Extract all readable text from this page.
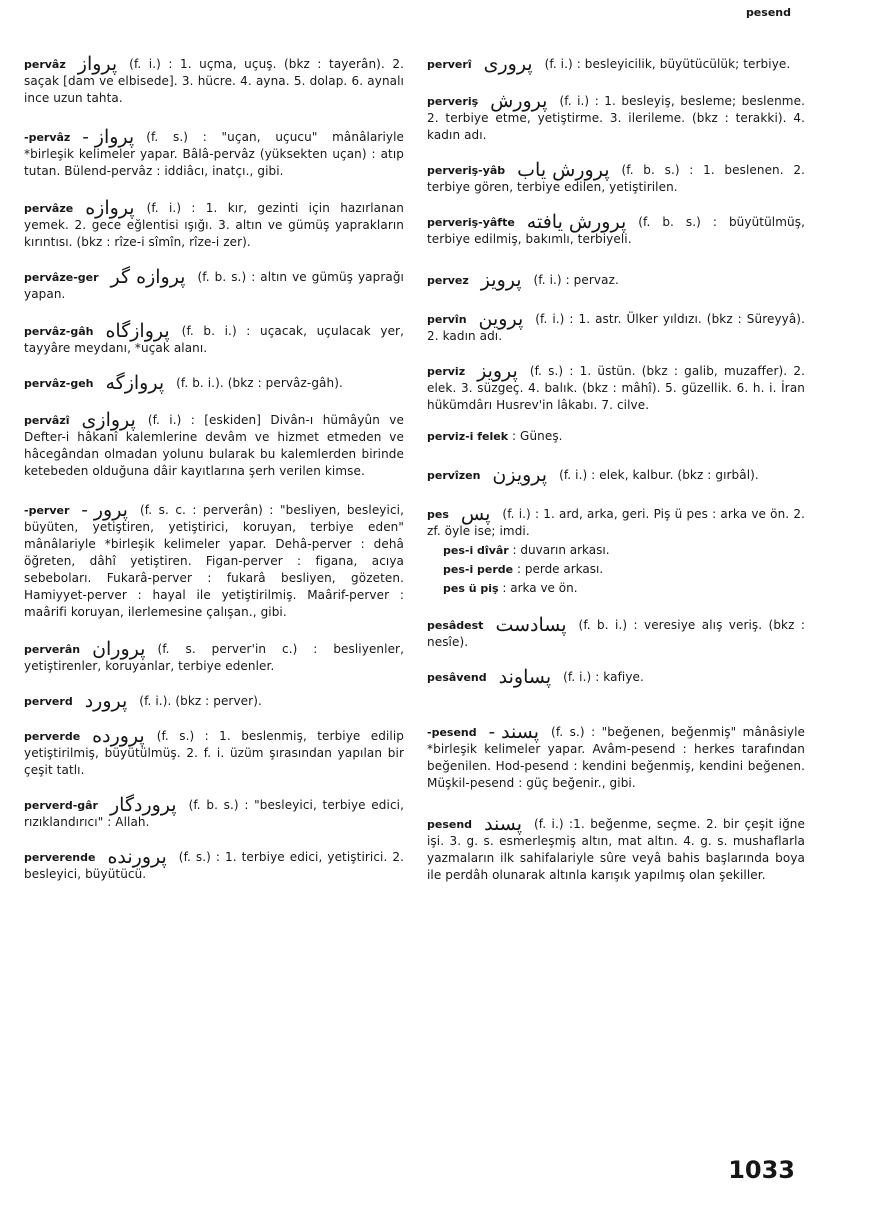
pesend

pervâz پرواز (f. i.) : 1. uçma, uçuş. (bkz : tayerân). 2. saçak [dam ve elbisede]. 3. hücre. 4. ayna. 5. dolap. 6. aynalı ince uzun tahta.

-pervâz پرواز - (f. s.) : "uçan, uçucu" mânâlariyle *birleşik kelimeler yapar. Bâlâ-pervâz (yüksekten uçan) : atıp tutan. Bülend-pervâz : iddiâcı, inatçı., gibi.

pervâze پروازه (f. i.) : 1. kır, gezinti için hazırlanan yemek. 2. gece eğlentisi ışığı. 3. altın ve gümüş yaprakların kırıntısı. (bkz : rîze-i sîmîn, rîze-i zer).

pervâze-ger پروازه گر (f. b. s.) : altın ve gümüş yaprağı yapan.

pervâz-gâh پروازگاه (f. b. i.) : uçacak, uçulacak yer, tayyâre meydanı, *uçak alanı.

pervâz-geh پروازگه (f. b. i.). (bkz : pervâz-gâh).

pervâzî پروازی (f. i.) : [eskiden] Divân-ı hümâyûn ve Defter-i hâkanî kalemlerine devâm ve hizmet etmeden ve hâcegândan olmadan yolunu bularak bu kalemlerden birinde ketebeden olduğuna dâir kayıtlarına şerh verilen kimse.

-perver پرور - (f. s. c. : perverân) : "besliyen, besleyici, büyüten, yetiştiren, yetiştirici, koruyan, terbiye eden" mânâlariyle *birleşik kelimeler yapar. Dehâ-perver : dehâ öğreten, dâhî yetiştiren. Figan-perver : figana, acıya sebeboları. Fukarâ-perver : fukarâ besliyen, gözeten. Hamiyyet-perver : hayal ile yetiştirilmiş. Maârif-perver : maârifi koruyan, ilerlemesine çalışan., gibi.

perverân پروران (f. s. perver'in c.) : besliyenler, yetiştirenler, koruyanlar, terbiye edenler.

perverd پرورد (f. i.). (bkz : perver).

perverde پرورده (f. s.) : 1. beslenmiş, terbiye edilip yetiştirilmiş, büyütülmüş. 2. f. i. üzüm şırasından yapılan bir çeşit tatlı.

perverd-gâr پروردگار (f. b. s.) : "besleyici, terbiye edici, rızıklandırıcı" : Allah.

perverende پرورنده (f. s.) : 1. terbiye edici, yetiştirici. 2. besleyici, büyütücü.

perverî پروری (f. i.) : besleyicilik, büyütücülük; terbiye.

perveriş پرورش (f. i.) : 1. besleyiş, besleme; beslenme. 2. terbiye etme, yetiştirme. 3. ilerileme. (bkz : terakki). 4. kadın adı.

perveriş-yâb پرورش یاب (f. b. s.) : 1. beslenen. 2. terbiye gören, terbiye edilen, yetiştirilen.

perveriş-yâfte پرورش یافته (f. b. s.) : büyütülmüş, terbiye edilmiş, bakımlı, terbiyeli.

pervez پرویز (f. i.) : pervaz.

pervîn پروین (f. i.) : 1. astr. Ülker yıldızı. (bkz : Süreyyâ). 2. kadın adı.

perviz پرویز (f. s.) : 1. üstün. (bkz : galib, muzaffer). 2. elek. 3. süzgeç. 4. balık. (bkz : mâhî). 5. güzellik. 6. h. i. İran hükümdârı Husrev'in lâkabı. 7. cilve.

perviz-i felek : Güneş.

pervîzen پرویزن (f. i.) : elek, kalbur. (bkz : gırbâl).

pes پس (f. i.) : 1. ard, arka, geri. Piş ü pes : arka ve ön. 2. zf. öyle ise; imdi.

pes-i dîvâr : duvarın arkası.

pes-i perde : perde arkası.

pes ü piş : arka ve ön.

pesâdest پسادست (f. b. i.) : veresiye alış veriş. (bkz : nesîe).

pesâvend پساوند (f. i.) : kafiye.

-pesend پسند - (f. s.) : "beğenen, beğenmiş" mânâsiyle *birleşik kelimeler yapar. Avâm-pesend : herkes tarafından beğenilen. Hod-pesend : kendini beğenmiş, kendini beğenen. Müşkil-pesend : güç beğenir., gibi.

pesend پسند (f. i.) :1. beğenme, seçme. 2. bir çeşit iğne işi. 3. g. s. esmerleşmiş altın, mat altın. 4. g. s. mushaflarla yazmaların ilk sahifalariyle sûre veyâ bahis başlarında boya ile perdâh olunarak altınla karışık yapılmış olan şekiller.

1033
